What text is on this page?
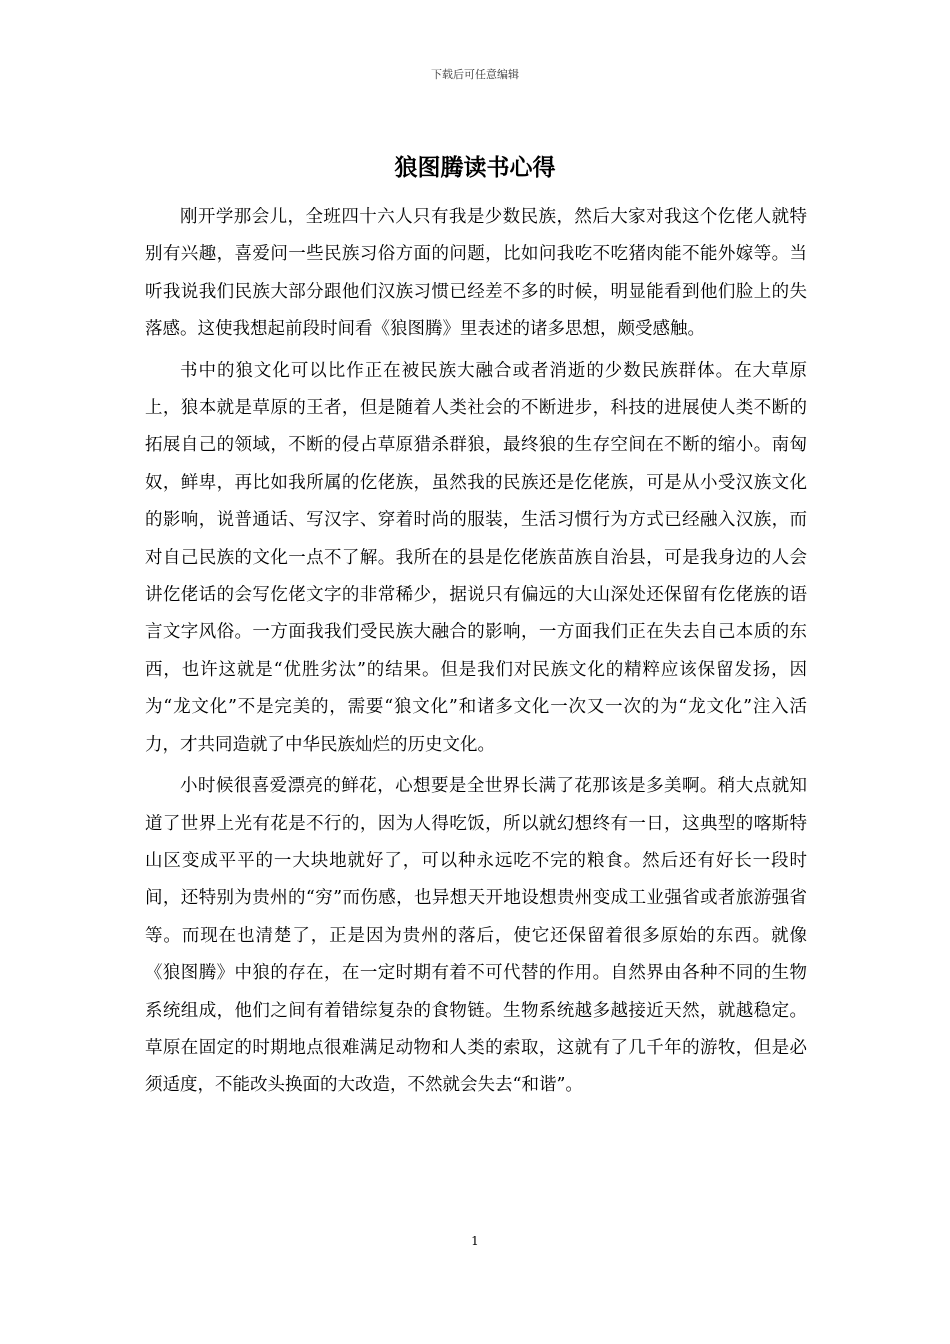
下载后可任意编辑
狼图腾读书心得

刚开学那会儿，全班四十六人只有我是少数民族，然后大家对我这个仡佬人就特别有兴趣，喜爱问一些民族习俗方面的问题，比如问我吃不吃猪肉能不能外嫁等。当听我说我们民族大部分跟他们汉族习惯已经差不多的时候，明显能看到他们脸上的失落感。这使我想起前段时间看《狼图腾》里表述的诸多思想，颇受感触。

书中的狼文化可以比作正在被民族大融合或者消逝的少数民族群体。在大草原上，狼本就是草原的王者，但是随着人类社会的不断进步，科技的进展使人类不断的拓展自己的领域，不断的侵占草原猎杀群狼，最终狼的生存空间在不断的缩小。南匈奴，鲜卑，再比如我所属的仡佬族，虽然我的民族还是仡佬族，可是从小受汉族文化的影响，说普通话、写汉字、穿着时尚的服装，生活习惯行为方式已经融入汉族，而对自己民族的文化一点不了解。我所在的县是仡佬族苗族自治县，可是我身边的人会讲仡佬话的会写仡佬文字的非常稀少，据说只有偏远的大山深处还保留有仡佬族的语言文字风俗。一方面我我们受民族大融合的影响，一方面我们正在失去自己本质的东西，也许这就是“优胜劣汰”的结果。但是我们对民族文化的精粹应该保留发扬，因为“龙文化”不是完美的，需要“狼文化”和诸多文化一次又一次的为“龙文化”注入活力，才共同造就了中华民族灿烂的历史文化。

小时候很喜爱漂亮的鲜花，心想要是全世界长满了花那该是多美啊。稍大点就知道了世界上光有花是不行的，因为人得吃饭，所以就幻想终有一日，这典型的喀斯特山区变成平平的一大块地就好了，可以种永远吃不完的粮食。然后还有好长一段时间，还特别为贵州的“穷”而伤感，也异想天开地设想贵州变成工业强省或者旅游强省等。而现在也清楚了，正是因为贵州的落后，使它还保留着很多原始的东西。就像《狼图腾》中狼的存在，在一定时期有着不可代替的作用。自然界由各种不同的生物系统组成，他们之间有着错综复杂的食物链。生物系统越多越接近天然，就越稳定。草原在固定的时期地点很难满足动物和人类的索取，这就有了几千年的游牧，但是必须适度，不能改头换面的大改造，不然就会失去“和谐”。

1
